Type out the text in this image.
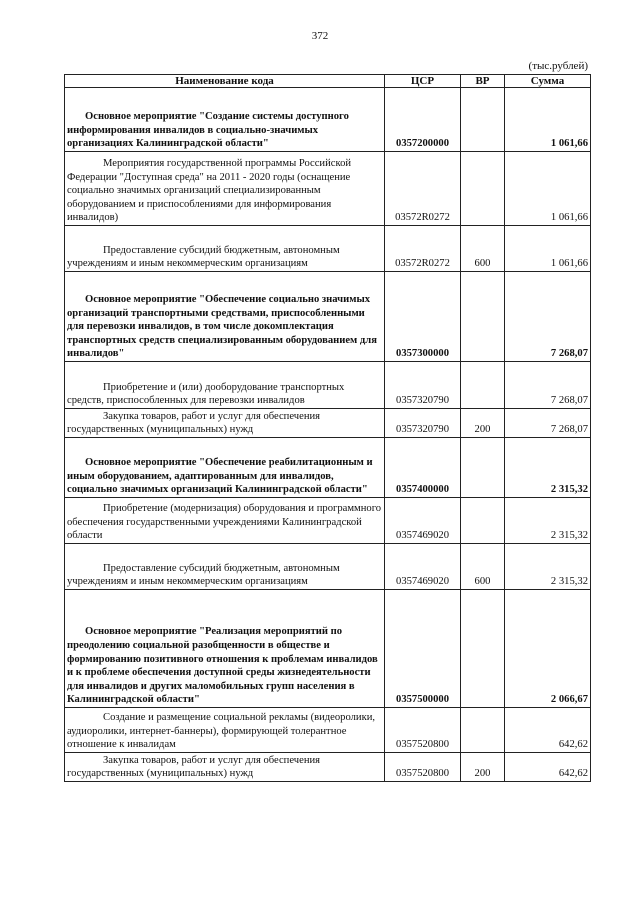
372
(тыс.рублей)
Наименование кода	ЦСР	ВР	Сумма
Основное мероприятие "Создание системы доступного информирования инвалидов в социально-значимых организациях Калининградской области"	0357200000		1 061,66
Мероприятия государственной программы Российской Федерации "Доступная среда" на 2011 - 2020 годы (оснащение социально значимых организаций специализированным оборудованием и приспособлениями для информирования инвалидов)	03572R0272		1 061,66
Предоставление субсидий бюджетным, автономным учреждениям и иным некоммерческим организациям	03572R0272	600	1 061,66
Основное мероприятие "Обеспечение социально значимых организаций транспортными средствами, приспособленными для перевозки инвалидов, в том числе докомплектация транспортных средств специализированным оборудованием для инвалидов"	0357300000		7 268,07
Приобретение и (или) дооборудование транспортных средств, приспособленных для перевозки инвалидов	0357320790		7 268,07
Закупка товаров, работ и услуг для обеспечения государственных (муниципальных) нужд	0357320790	200	7 268,07
Основное мероприятие "Обеспечение реабилитационным и иным оборудованием, адаптированным для инвалидов, социально значимых организаций Калининградской области"	0357400000		2 315,32
Приобретение (модернизация) оборудования и программного обеспечения государственными учреждениями Калининградской области	0357469020		2 315,32
Предоставление субсидий бюджетным, автономным учреждениям и иным некоммерческим организациям	0357469020	600	2 315,32
Основное мероприятие "Реализация мероприятий по преодолению социальной разобщенности в обществе и формированию позитивного отношения к проблемам инвалидов и к проблеме обеспечения доступной среды жизнедеятельности для инвалидов и других маломобильных групп населения в Калининградской области"	0357500000		2 066,67
Создание и размещение социальной рекламы (видеоролики, аудиоролики, интернет-баннеры), формирующей толерантное отношение к инвалидам	0357520800		642,62
Закупка товаров, работ и услуг для обеспечения государственных (муниципальных) нужд	0357520800	200	642,62
